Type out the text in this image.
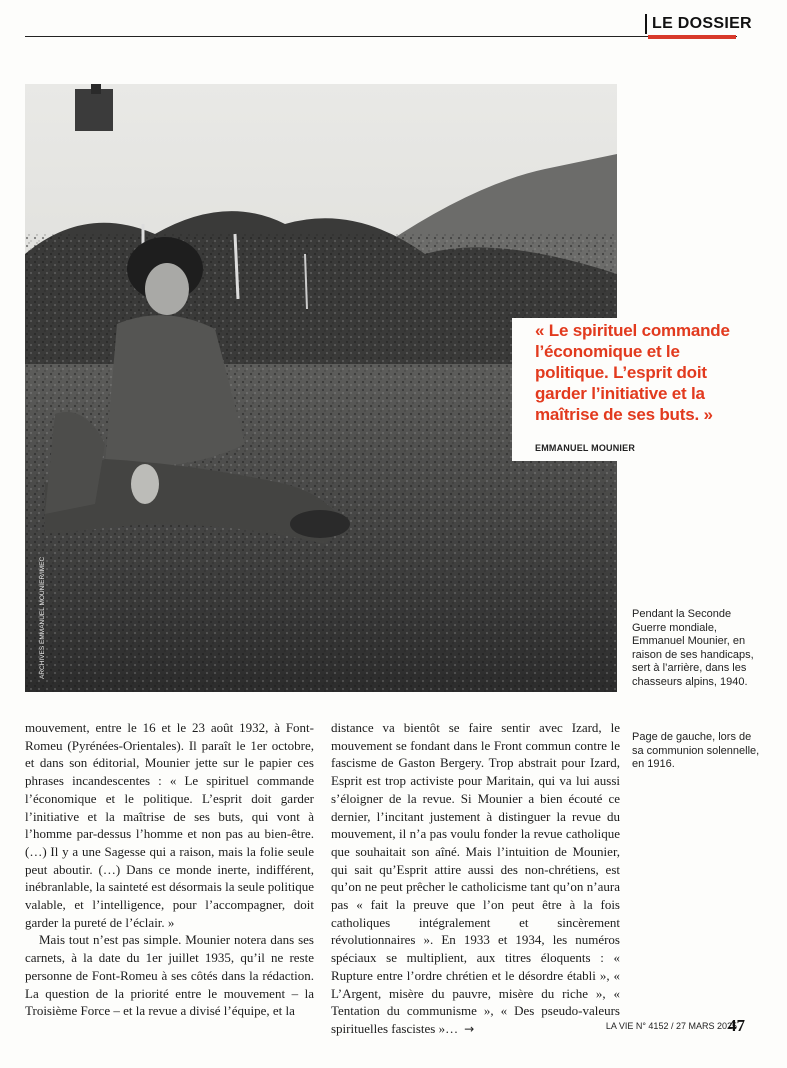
LE DOSSIER
ARCHIVES EMMANUEL MOUNIER/IMEC
« Le spirituel commande l’économique et le politique. L’esprit doit garder l’initiative et la maîtrise de ses buts. »
EMMANUEL MOUNIER
Pendant la Seconde Guerre mondiale, Emmanuel Mounier, en raison de ses handicaps, sert à l’arrière, dans les chasseurs alpins, 1940.
Page de gauche, lors de sa communion solennelle, en 1916.

mouvement, entre le 16 et le 23 août 1932, à Font-Romeu (Pyrénées-Orientales). Il paraît le 1er octobre, et dans son éditorial, Mounier jette sur le papier ces phrases incandescentes : « Le spirituel commande l’économique et le politique. L’esprit doit garder l’initiative et la maîtrise de ses buts, qui vont à l’homme par-dessus l’homme et non pas au bien-être. (…) Il y a une Sagesse qui a raison, mais la folie seule peut aboutir. (…) Dans ce monde inerte, indifférent, inébranlable, la sainteté est désormais la seule politique valable, et l’intelligence, pour l’accompagner, doit garder la pureté de l’éclair. »

Mais tout n’est pas simple. Mounier notera dans ses carnets, à la date du 1er juillet 1935, qu’il ne reste personne de Font-Romeu à ses côtés dans la rédaction. La question de la priorité entre le mouvement – la Troisième Force – et la revue a divisé l’équipe, et la

distance va bientôt se faire sentir avec Izard, le mouvement se fondant dans le Front commun contre le fascisme de Gaston Bergery. Trop abstrait pour Izard, Esprit est trop activiste pour Maritain, qui va lui aussi s’éloigner de la revue. Si Mounier a bien écouté ce dernier, l’incitant justement à distinguer la revue du mouvement, il n’a pas voulu fonder la revue catholique que souhaitait son aîné. Mais l’intuition de Mounier, qui sait qu’Esprit attire aussi des non-chrétiens, est qu’on ne peut prêcher le catholicisme tant qu’on n’aura pas « fait la preuve que l’on peut être à la fois catholiques intégralement et sincèrement révolutionnaires ». En 1933 et 1934, les numéros spéciaux se multiplient, aux titres éloquents : « Rupture entre l’ordre chrétien et le désordre établi », « L’Argent, misère du pauvre, misère du riche », « Tentation du communisme », « Des pseudo-valeurs spirituelles fascistes »… →	LA VIE N° 4152 / 27 MARS 2025
47
